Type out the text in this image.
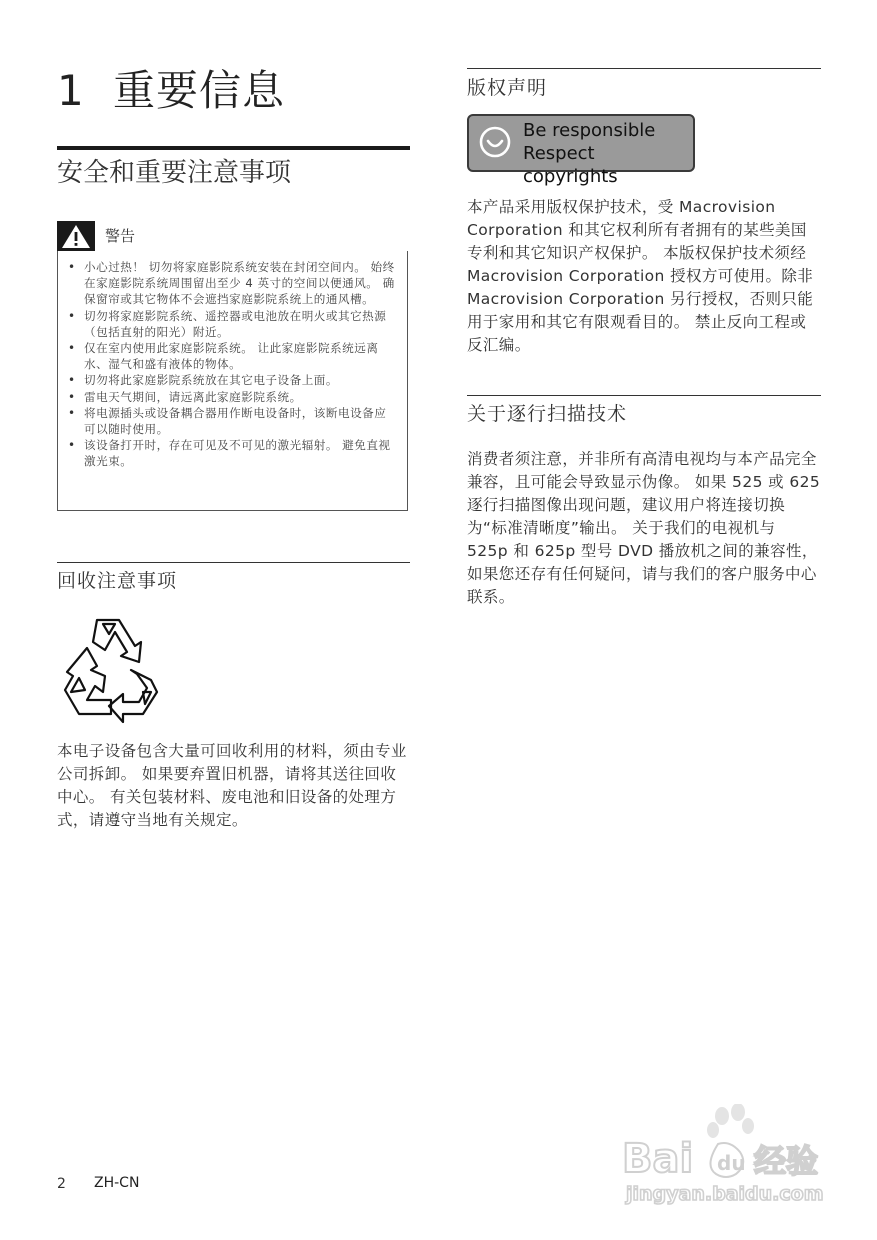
1 重要信息
安全和重要注意事项
警告
• 小心过热！ 切勿将家庭影院系统安装在封闭空间内。 始终在家庭影院系统周围留出至少 4 英寸的空间以便通风。 确保窗帘或其它物体不会遮挡家庭影院系统上的通风槽。
• 切勿将家庭影院系统、遥控器或电池放在明火或其它热源（包括直射的阳光）附近。
• 仅在室内使用此家庭影院系统。 让此家庭影院系统远离水、湿气和盛有液体的物体。
• 切勿将此家庭影院系统放在其它电子设备上面。
• 雷电天气期间，请远离此家庭影院系统。
• 将电源插头或设备耦合器用作断电设备时，该断电设备应可以随时使用。
• 该设备打开时，存在可见及不可见的激光辐射。 避免直视激光束。
回收注意事项

本电子设备包含大量可回收利用的材料，须由专业公司拆卸。 如果要弃置旧机器，请将其送往回收中心。 有关包装材料、废电池和旧设备的处理方式，请遵守当地有关规定。

版权声明
Be responsible
Respect copyrights

本产品采用版权保护技术，受 Macrovision Corporation 和其它权利所有者拥有的某些美国 专利和其它知识产权保护。 本版权保护技术须经 Macrovision Corporation 授权方可使用。除非 Macrovision Corporation 另行授权，否则只能用于家用和其它有限观看目的。 禁止反向工程或反汇编。

关于逐行扫描技术

消费者须注意，并非所有高清电视均与本产品完全兼容，且可能会导致显示伪像。 如果 525 或 625 逐行扫描图像出现问题，建议用户将连接切换为“标准清晰度”输出。 关于我们的电视机与 525p 和 625p 型号 DVD 播放机之间的兼容性，如果您还存有任何疑问，请与我们的客户服务中心联系。

2 ZH-CN
Bai du 经验
jingyan.baidu.com
